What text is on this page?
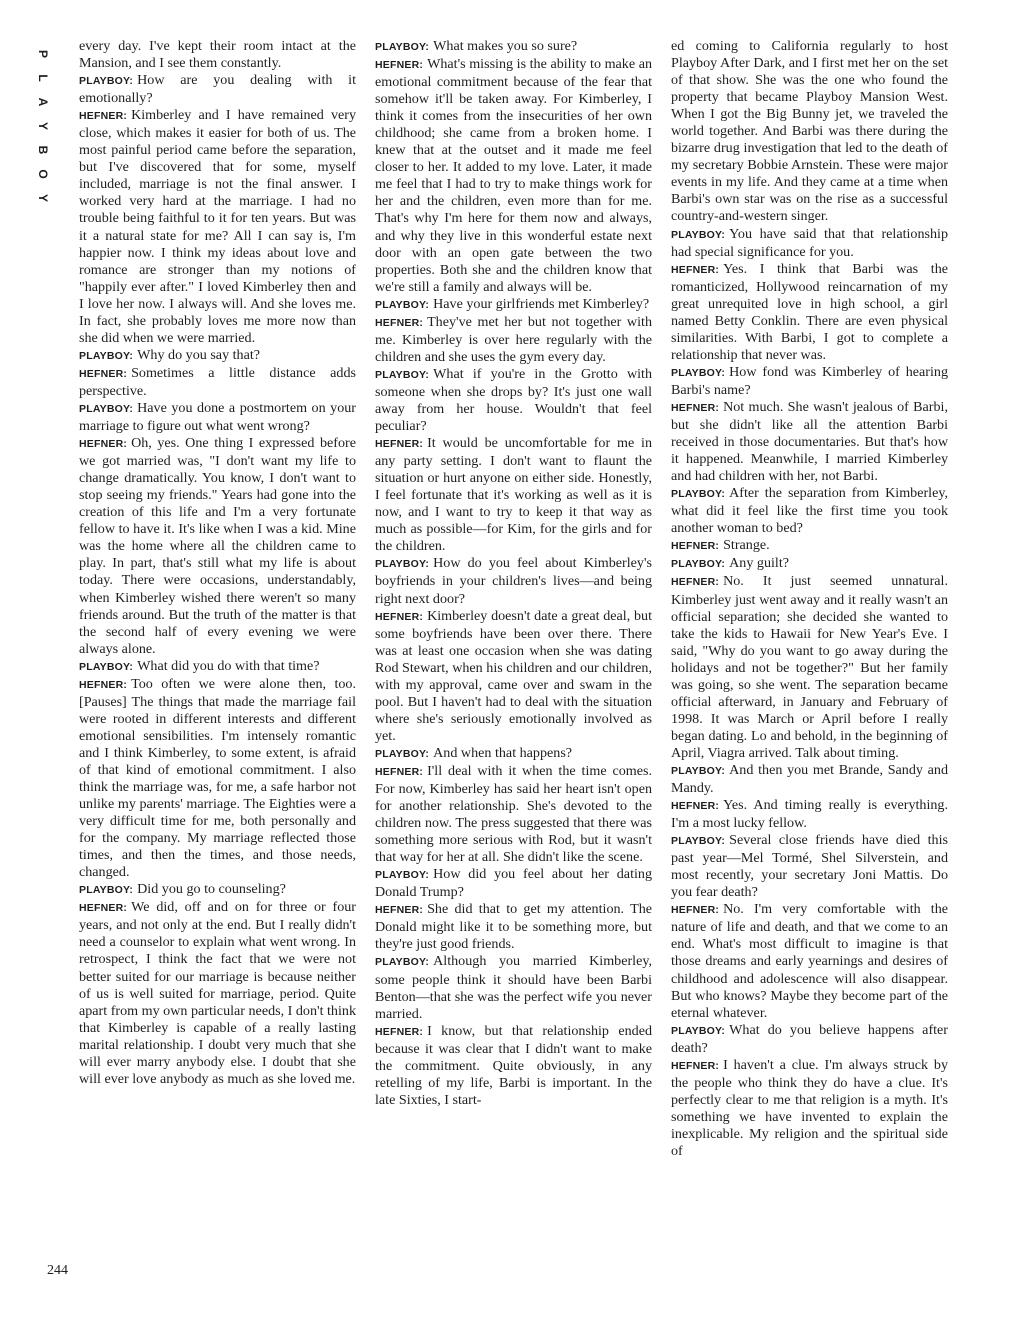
P
L
A
Y
B
O
Y

every day. I've kept their room intact at the Mansion, and I see them constantly.

PLAYBOY: How are you dealing with it emotionally?

HEFNER: Kimberley and I have remained very close, which makes it easier for both of us. The most painful period came before the separation, but I've discovered that for some, myself included, marriage is not the final answer. I worked very hard at the marriage. I had no trouble being faithful to it for ten years. But was it a natural state for me? All I can say is, I'm happier now. I think my ideas about love and romance are stronger than my notions of "happily ever after." I loved Kimberley then and I love her now. I always will. And she loves me. In fact, she probably loves me more now than she did when we were married.

PLAYBOY: Why do you say that?

HEFNER: Sometimes a little distance adds perspective.

PLAYBOY: Have you done a postmortem on your marriage to figure out what went wrong?

HEFNER: Oh, yes. One thing I expressed before we got married was, "I don't want my life to change dramatically. You know, I don't want to stop seeing my friends." Years had gone into the creation of this life and I'm a very fortunate fellow to have it. It's like when I was a kid. Mine was the home where all the children came to play. In part, that's still what my life is about today. There were occasions, understandably, when Kimberley wished there weren't so many friends around. But the truth of the matter is that the second half of every evening we were always alone.

PLAYBOY: What did you do with that time?

HEFNER: Too often we were alone then, too. [Pauses] The things that made the marriage fail were rooted in different interests and different emotional sensibilities. I'm intensely romantic and I think Kimberley, to some extent, is afraid of that kind of emotional commitment. I also think the marriage was, for me, a safe harbor not unlike my parents' marriage. The Eighties were a very difficult time for me, both personally and for the company. My marriage reflected those times, and then the times, and those needs, changed.

PLAYBOY: Did you go to counseling?

HEFNER: We did, off and on for three or four years, and not only at the end. But I really didn't need a counselor to explain what went wrong. In retrospect, I think the fact that we were not better suited for our marriage is because neither of us is well suited for marriage, period. Quite apart from my own particular needs, I don't think that Kimberley is capable of a really lasting marital relationship. I doubt very much that she will ever marry anybody else. I doubt that she will ever love anybody as much as she loved me.

PLAYBOY: What makes you so sure?

HEFNER: What's missing is the ability to make an emotional commitment because of the fear that somehow it'll be taken away. For Kimberley, I think it comes from the insecurities of her own childhood; she came from a broken home. I knew that at the outset and it made me feel closer to her. It added to my love. Later, it made me feel that I had to try to make things work for her and the children, even more than for me. That's why I'm here for them now and always, and why they live in this wonderful estate next door with an open gate between the two properties. Both she and the children know that we're still a family and always will be.

PLAYBOY: Have your girlfriends met Kimberley?

HEFNER: They've met her but not together with me. Kimberley is over here regularly with the children and she uses the gym every day.

PLAYBOY: What if you're in the Grotto with someone when she drops by? It's just one wall away from her house. Wouldn't that feel peculiar?

HEFNER: It would be uncomfortable for me in any party setting. I don't want to flaunt the situation or hurt anyone on either side. Honestly, I feel fortunate that it's working as well as it is now, and I want to try to keep it that way as much as possible—for Kim, for the girls and for the children.

PLAYBOY: How do you feel about Kimberley's boyfriends in your children's lives—and being right next door?

HEFNER: Kimberley doesn't date a great deal, but some boyfriends have been over there. There was at least one occasion when she was dating Rod Stewart, when his children and our children, with my approval, came over and swam in the pool. But I haven't had to deal with the situation where she's seriously emotionally involved as yet.

PLAYBOY: And when that happens?

HEFNER: I'll deal with it when the time comes. For now, Kimberley has said her heart isn't open for another relationship. She's devoted to the children now. The press suggested that there was something more serious with Rod, but it wasn't that way for her at all. She didn't like the scene.

PLAYBOY: How did you feel about her dating Donald Trump?

HEFNER: She did that to get my attention. The Donald might like it to be something more, but they're just good friends.

PLAYBOY: Although you married Kimberley, some people think it should have been Barbi Benton—that she was the perfect wife you never married.

HEFNER: I know, but that relationship ended because it was clear that I didn't want to make the commitment. Quite obviously, in any retelling of my life, Barbi is important. In the late Sixties, I start-

ed coming to California regularly to host Playboy After Dark, and I first met her on the set of that show. She was the one who found the property that became Playboy Mansion West. When I got the Big Bunny jet, we traveled the world together. And Barbi was there during the bizarre drug investigation that led to the death of my secretary Bobbie Arnstein. These were major events in my life. And they came at a time when Barbi's own star was on the rise as a successful country-and-western singer.

PLAYBOY: You have said that that relationship had special significance for you.

HEFNER: Yes. I think that Barbi was the romanticized, Hollywood reincarnation of my great unrequited love in high school, a girl named Betty Conklin. There are even physical similarities. With Barbi, I got to complete a relationship that never was.

PLAYBOY: How fond was Kimberley of hearing Barbi's name?

HEFNER: Not much. She wasn't jealous of Barbi, but she didn't like all the attention Barbi received in those documentaries. But that's how it happened. Meanwhile, I married Kimberley and had children with her, not Barbi.

PLAYBOY: After the separation from Kimberley, what did it feel like the first time you took another woman to bed?

HEFNER: Strange.

PLAYBOY: Any guilt?

HEFNER: No. It just seemed unnatural. Kimberley just went away and it really wasn't an official separation; she decided she wanted to take the kids to Hawaii for New Year's Eve. I said, "Why do you want to go away during the holidays and not be together?" But her family was going, so she went. The separation became official afterward, in January and February of 1998. It was March or April before I really began dating. Lo and behold, in the beginning of April, Viagra arrived. Talk about timing.

PLAYBOY: And then you met Brande, Sandy and Mandy.

HEFNER: Yes. And timing really is everything. I'm a most lucky fellow.

PLAYBOY: Several close friends have died this past year—Mel Tormé, Shel Silverstein, and most recently, your secretary Joni Mattis. Do you fear death?

HEFNER: No. I'm very comfortable with the nature of life and death, and that we come to an end. What's most difficult to imagine is that those dreams and early yearnings and desires of childhood and adolescence will also disappear. But who knows? Maybe they become part of the eternal whatever.

PLAYBOY: What do you believe happens after death?

HEFNER: I haven't a clue. I'm always struck by the people who think they do have a clue. It's perfectly clear to me that religion is a myth. It's something we have invented to explain the inexplicable. My religion and the spiritual side of

244
